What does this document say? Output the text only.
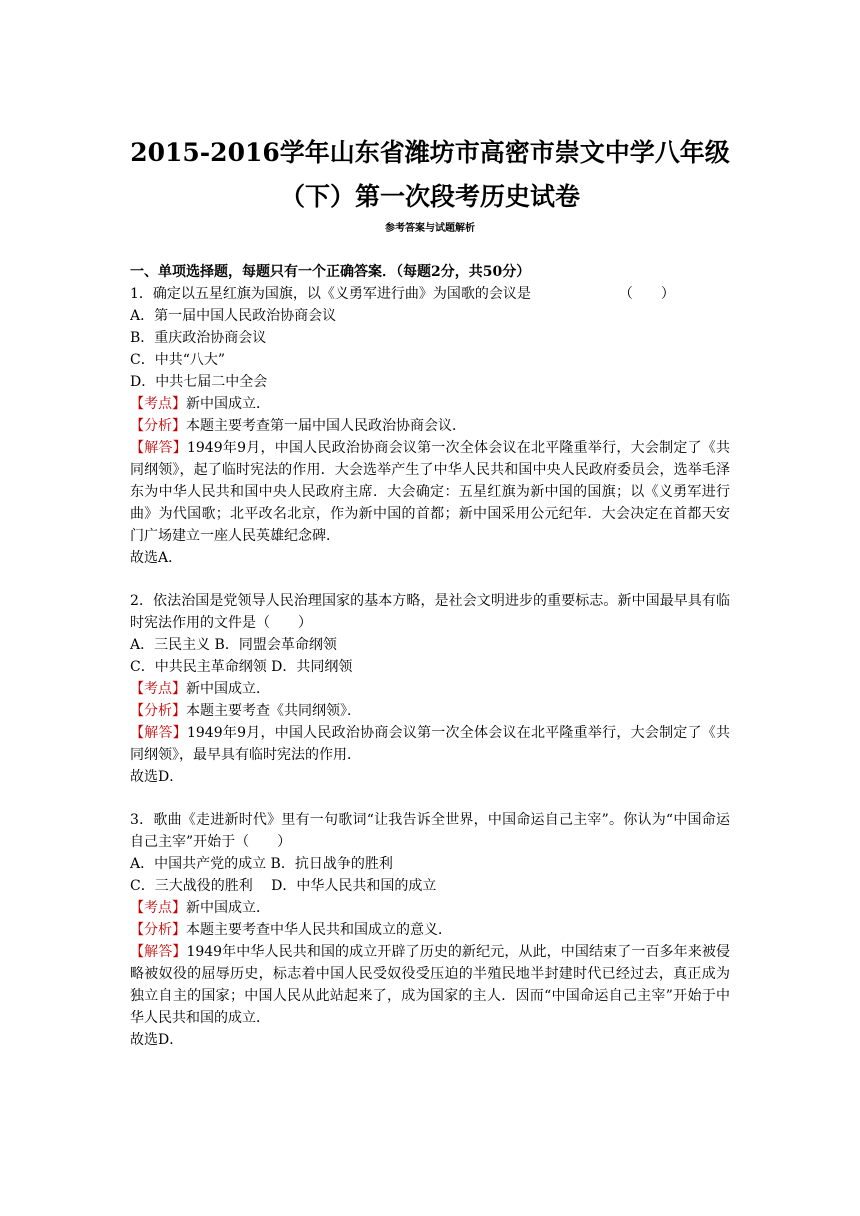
2015-2016学年山东省潍坊市高密市崇文中学八年级
（下）第一次段考历史试卷
参考答案与试题解析
一、单项选择题，每题只有一个正确答案．（每题2分，共50分）
1．确定以五星红旗为国旗，以《义勇军进行曲》为国歌的会议是	（　　）
A．第一届中国人民政治协商会议
B．重庆政治协商会议
C．中共“八大”
D．中共七届二中全会
【考点】新中国成立．
【分析】本题主要考查第一届中国人民政治协商会议．
【解答】1949年9月，中国人民政治协商会议第一次全体会议在北平隆重举行，大会制定了《共同纲领》，起了临时宪法的作用．大会选举产生了中华人民共和国中央人民政府委员会，选举毛泽东为中华人民共和国中央人民政府主席．大会确定：五星红旗为新中国的国旗；以《义勇军进行曲》为代国歌；北平改名北京，作为新中国的首都；新中国采用公元纪年．大会决定在首都天安门广场建立一座人民英雄纪念碑．
故选A．
2．依法治国是党领导人民治理国家的基本方略，是社会文明进步的重要标志。新中国最早具有临时宪法作用的文件是（　　）
A．三民主义 B．同盟会革命纲领
C．中共民主革命纲领 D．共同纲领
【考点】新中国成立．
【分析】本题主要考查《共同纲领》．
【解答】1949年9月，中国人民政治协商会议第一次全体会议在北平隆重举行，大会制定了《共同纲领》，最早具有临时宪法的作用．
故选D．
3．歌曲《走进新时代》里有一句歌词“让我告诉全世界，中国命运自己主宰”。你认为“中国命运自己主宰”开始于（　　）
A．中国共产党的成立 B．抗日战争的胜利
C．三大战役的胜利　 D．中华人民共和国的成立
【考点】新中国成立．
【分析】本题主要考查中华人民共和国成立的意义．
【解答】1949年中华人民共和国的成立开辟了历史的新纪元，从此，中国结束了一百多年来被侵略被奴役的屈辱历史，标志着中国人民受奴役受压迫的半殖民地半封建时代已经过去，真正成为独立自主的国家；中国人民从此站起来了，成为国家的主人．因而“中国命运自己主宰”开始于中华人民共和国的成立．
故选D．
